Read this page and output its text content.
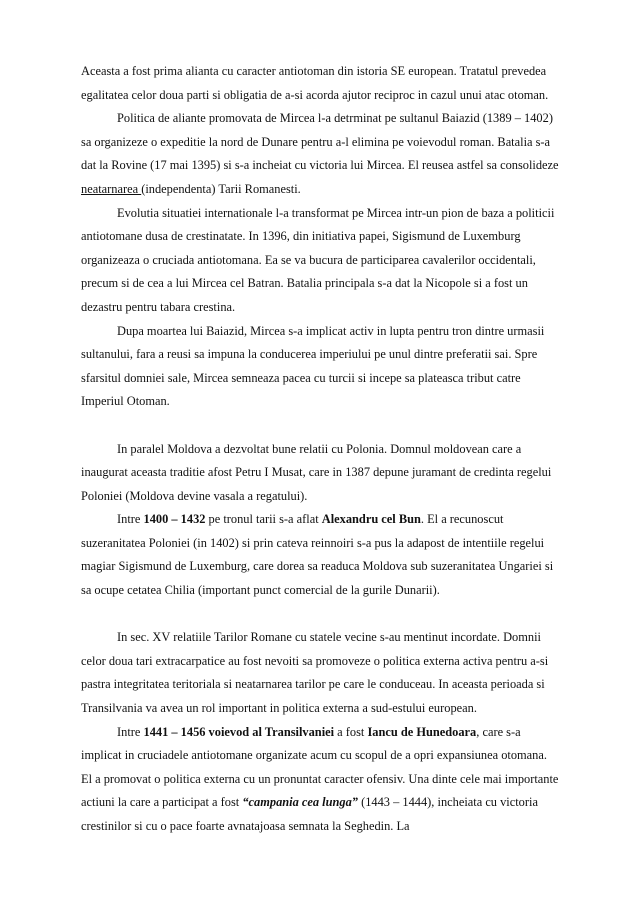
Aceasta a fost prima alianta cu caracter antiotoman din istoria SE european. Tratatul prevedea egalitatea celor doua parti si obligatia de a-si acorda ajutor reciproc in cazul unui atac otoman.

Politica de aliante promovata de Mircea l-a detrminat pe sultanul Baiazid (1389 – 1402) sa organizeze o expeditie la nord de Dunare pentru a-l elimina pe voievodul roman. Batalia s-a dat la Rovine (17 mai 1395) si s-a incheiat cu victoria lui Mircea. El reusea astfel sa consolideze neatarnarea (independenta) Tarii Romanesti.

Evolutia situatiei internationale l-a transformat pe Mircea intr-un pion de baza a politicii antiotomane dusa de crestinatate. In 1396, din initiativa papei, Sigismund de Luxemburg organizeaza o cruciada antiotomana. Ea se va bucura de participarea cavalerilor occidentali, precum si de cea a lui Mircea cel Batran. Batalia principala s-a dat la Nicopole si a fost un dezastru pentru tabara crestina.

Dupa moartea lui Baiazid, Mircea s-a implicat activ in lupta pentru tron dintre urmasii sultanului, fara a reusi sa impuna la conducerea imperiului pe unul dintre preferatii sai. Spre sfarsitul domniei sale, Mircea semneaza pacea cu turcii si incepe sa plateasca tribut catre Imperiul Otoman.

In paralel Moldova a dezvoltat bune relatii cu Polonia. Domnul moldovean care a inaugurat aceasta traditie afost Petru I Musat, care in 1387 depune juramant de credinta regelui Poloniei (Moldova devine vasala a regatului).

Intre 1400 – 1432 pe tronul tarii s-a aflat Alexandru cel Bun. El a recunoscut suzeranitatea Poloniei (in 1402) si prin cateva reinnoiri s-a pus la adapost de intentiile regelui magiar Sigismund de Luxemburg, care dorea sa readuca Moldova sub suzeranitatea Ungariei si sa ocupe cetatea Chilia (important punct comercial de la gurile Dunarii).

In sec. XV relatiile Tarilor Romane cu statele vecine s-au mentinut incordate. Domnii celor doua tari extracarpatice au fost nevoiti sa promoveze o politica externa activa pentru a-si pastra integritatea teritoriala si neatarnarea tarilor pe care le conduceau. In aceasta perioada si Transilvania va avea un rol important in politica externa a sud-estului european.

Intre 1441 – 1456 voievod al Transilvaniei a fost Iancu de Hunedoara, care s-a implicat in cruciadele antiotomane organizate acum cu scopul de a opri expansiunea otomana. El a promovat o politica externa cu un pronuntat caracter ofensiv. Una dinte cele mai importante actiuni la care a participat a fost “campania cea lunga” (1443 – 1444), incheiata cu victoria crestinilor si cu o pace foarte avnatajoasa semnata la Seghedin. La
